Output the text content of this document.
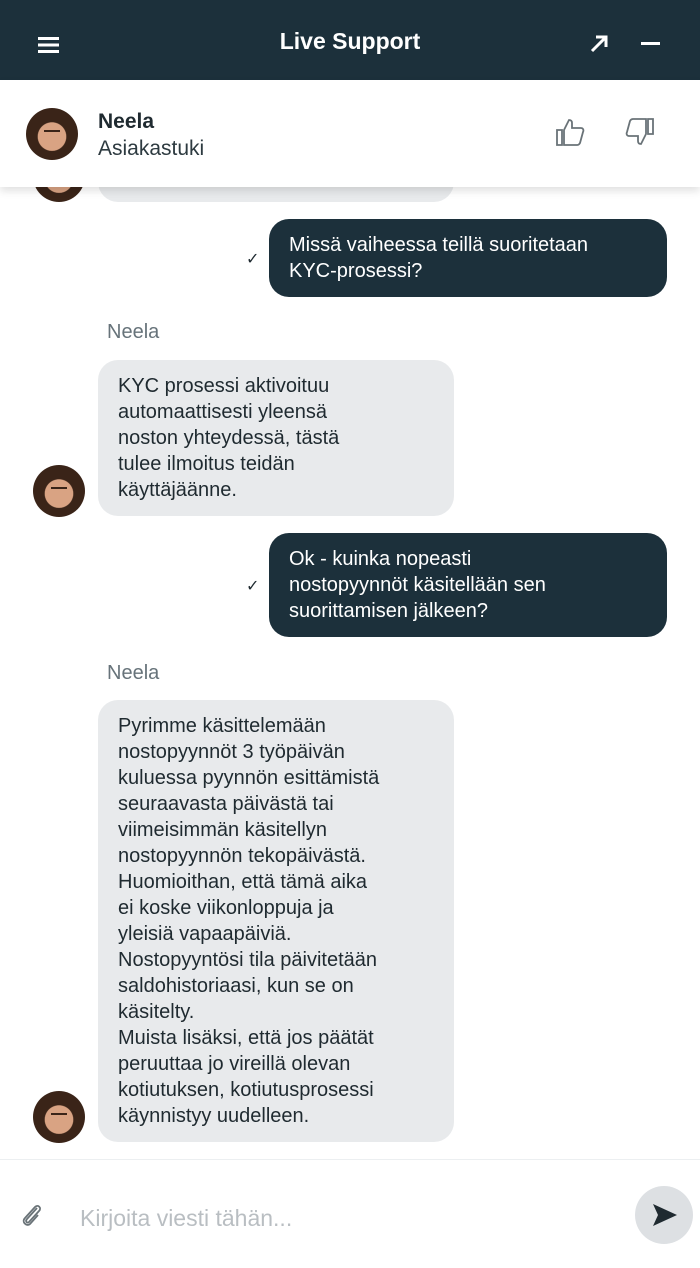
Live Support
Neela
Asiakastuki
✓
Missä vaiheessa teillä suoritetaan
KYC-prosessi?
Neela
KYC prosessi aktivoituu
automaattisesti yleensä
noston yhteydessä, tästä
tulee ilmoitus teidän
käyttäjäänne.
✓
Ok - kuinka nopeasti
nostopyynnöt käsitellään sen
suorittamisen jälkeen?
Neela
Pyrimme käsittelemään
nostopyynnöt 3 työpäivän
kuluessa pyynnön esittämistä
seuraavasta päivästä tai
viimeisimmän käsitellyn
nostopyynnön tekopäivästä.
Huomioithan, että tämä aika
ei koske viikonloppuja ja
yleisiä vapaapäiviä.
Nostopyyntösi tila päivitetään
saldohistoriaasi, kun se on
käsitelty.
Muista lisäksi, että jos päätät
peruuttaa jo vireillä olevan
kotiutuksen, kotiutusprosessi
käynnistyy uudelleen.
Kirjoita viesti tähän...
